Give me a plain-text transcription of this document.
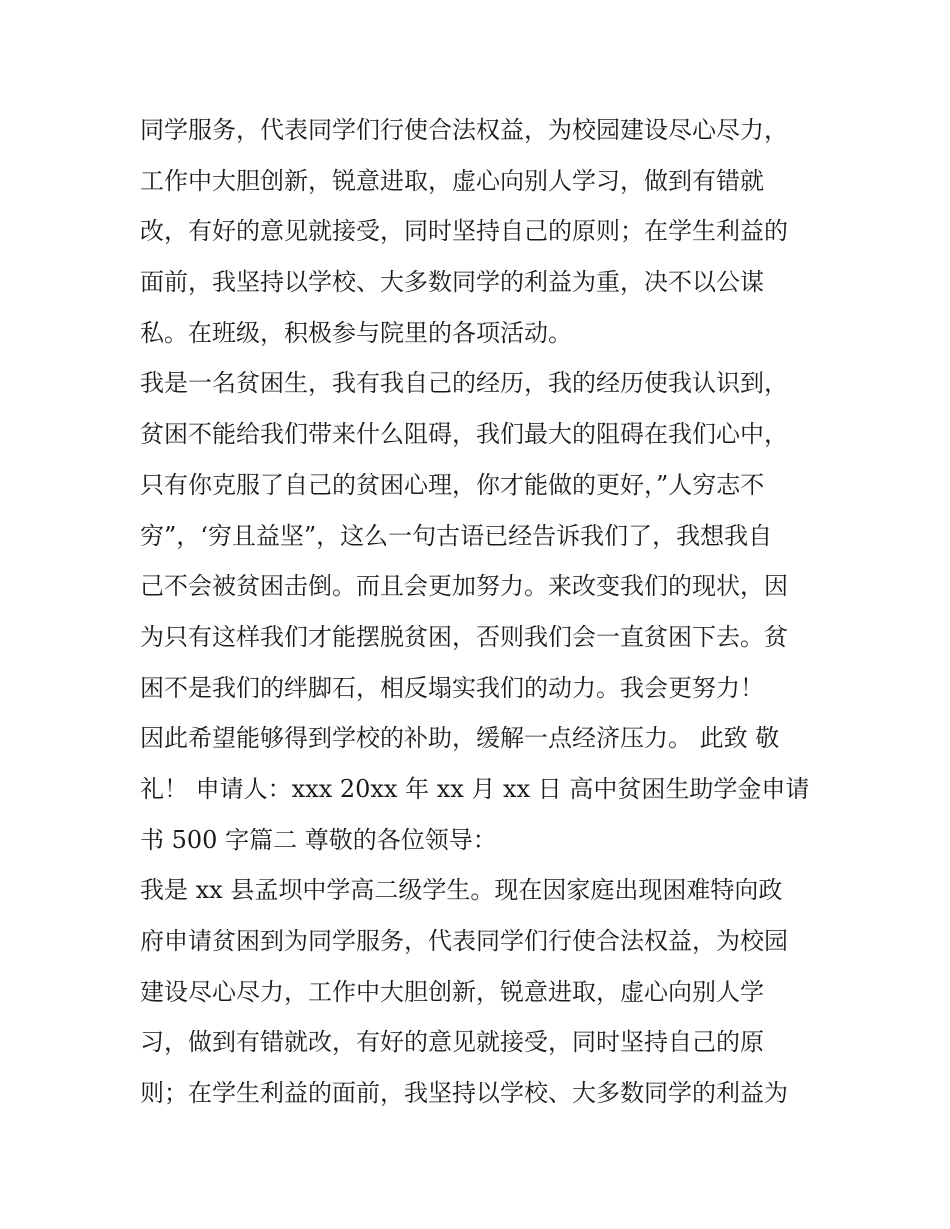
同学服务，代表同学们行使合法权益，为校园建设尽心尽力，
工作中大胆创新，锐意进取，虚心向别人学习，做到有错就
改，有好的意见就接受，同时坚持自己的原则；在学生利益的
面前，我坚持以学校、大多数同学的利益为重，决不以公谋
私。在班级，积极参与院里的各项活动。
我是一名贫困生，我有我自己的经历，我的经历使我认识到，
贫困不能给我们带来什么阻碍，我们最大的阻碍在我们心中，
只有你克服了自己的贫困心理，你才能做的更好，”人穷志不
穷”，‘穷且益坚”，这么一句古语已经告诉我们了，我想我自
己不会被贫困击倒。而且会更加努力。来改变我们的现状，因
为只有这样我们才能摆脱贫困，否则我们会一直贫困下去。贫
困不是我们的绊脚石，相反塌实我们的动力。我会更努力！
因此希望能够得到学校的补助，缓解一点经济压力。 此致 敬
礼！ 申请人：xxx 20xx 年 xx 月 xx 日 高中贫困生助学金申请
书 500 字篇二 尊敬的各位领导：
我是 xx 县孟坝中学高二级学生。现在因家庭出现困难特向政
府申请贫困到为同学服务，代表同学们行使合法权益，为校园
建设尽心尽力，工作中大胆创新，锐意进取，虚心向别人学
习，做到有错就改，有好的意见就接受，同时坚持自己的原
则；在学生利益的面前，我坚持以学校、大多数同学的利益为
